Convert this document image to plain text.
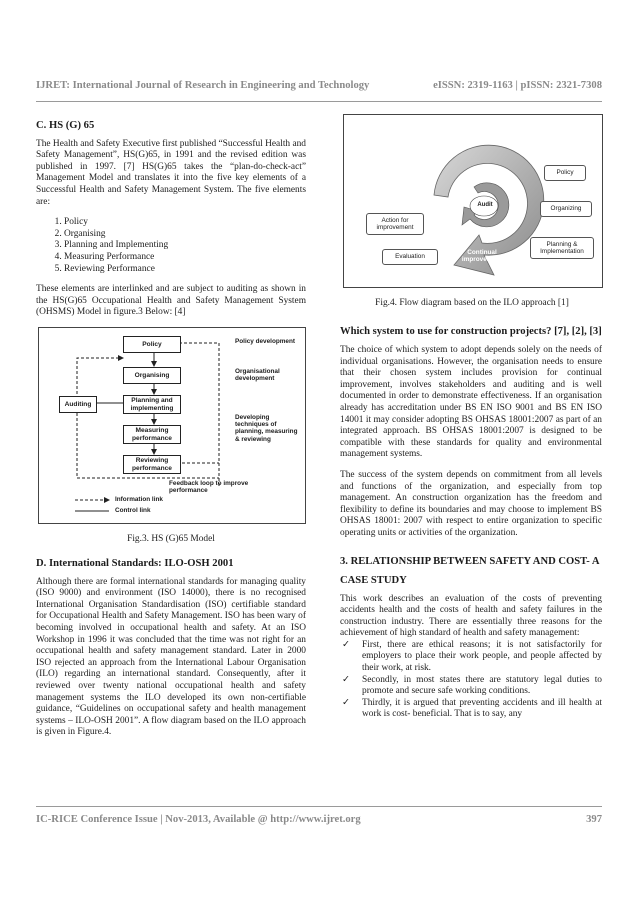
IJRET: International Journal of Research in Engineering and Technology	eISSN: 2319-1163 | pISSN: 2321-7308
C. HS (G) 65

The Health and Safety Executive first published “Successful Health and Safety Management”, HS(G)65, in 1991 and the revised edition was published in 1997. [7] HS(G)65 takes the “plan-do-check-act” Management Model and translates it into the five key elements of a Successful Health and Safety Management System. The five elements are:

1. Policy
2. Organising
3. Planning and Implementing
4. Measuring Performance
5. Reviewing Performance

These elements are interlinked and are subject to auditing as shown in the HS(G)65 Occupational Health and Safety Management System (OHSMS) Model in figure.3 Below: [4]

Policy
Organising
Planning and implementing
Measuring performance
Reviewing performance
Auditing
Policy development
Organisational development
Developing techniques of planning, measuring & reviewing
Feedback loop to improve performance
Information link
Control link
Fig.3. HS (G)65 Model
D. International Standards: ILO-OSH 2001

Although there are formal international standards for managing quality (ISO 9000) and environment (ISO 14000), there is no recognised International Organisation Standardisation (ISO) certifiable standard for Occupational Health and Safety Management. ISO has been wary of becoming involved in occupational health and safety. At an ISO Workshop in 1996 it was concluded that the time was not right for an occupational health and safety management standard. Later in 2000 ISO rejected an approach from the International Labour Organisation (ILO) regarding an international standard. Consequently, after it reviewed over twenty national occupational health and safety management systems the ILO developed its own non-certifiable guidance, “Guidelines on occupational safety and health management systems – ILO-OSH 2001”. A flow diagram based on the ILO approach is given in Figure.4.

Policy
Organizing
Planning & Implementation
Evaluation
Action for improvement
Audit
Continual improvement
Fig.4. Flow diagram based on the ILO approach [1]
Which system to use for construction projects? [7], [2], [3]

The choice of which system to adopt depends solely on the needs of individual organisations. However, the organisation needs to ensure that their chosen system includes provision for continual improvement, involves stakeholders and auditing and is well documented in order to demonstrate effectiveness. If an organisation already has accreditation under BS EN ISO 9001 and BS EN ISO 14001 it may consider adopting BS OHSAS 18001:2007 as part of an integrated approach. BS OHSAS 18001:2007 is designed to be compatible with these standards for quality and environmental management systems.

The success of the system depends on commitment from all levels and functions of the organization, and especially from top management. An construction organization has the freedom and flexibility to define its boundaries and may choose to implement BS OHSAS 18001: 2007 with respect to entire organization to specific operating units or activities of the organization.

3. RELATIONSHIP BETWEEN SAFETY AND COST- A CASE STUDY

This work describes an evaluation of the costs of preventing accidents health and the costs of health and safety failures in the construction industry. There are essentially three reasons for the achievement of high standard of health and safety management:

✓ First, there are ethical reasons; it is not satisfactorily for employers to place their work people, and people affected by their work, at risk.
✓ Secondly, in most states there are statutory legal duties to promote and secure safe working conditions.
✓ Thirdly, it is argued that preventing accidents and ill health at work is cost- beneficial. That is to say, any
IC-RICE Conference Issue | Nov-2013, Available @ http://www.ijret.org	397
